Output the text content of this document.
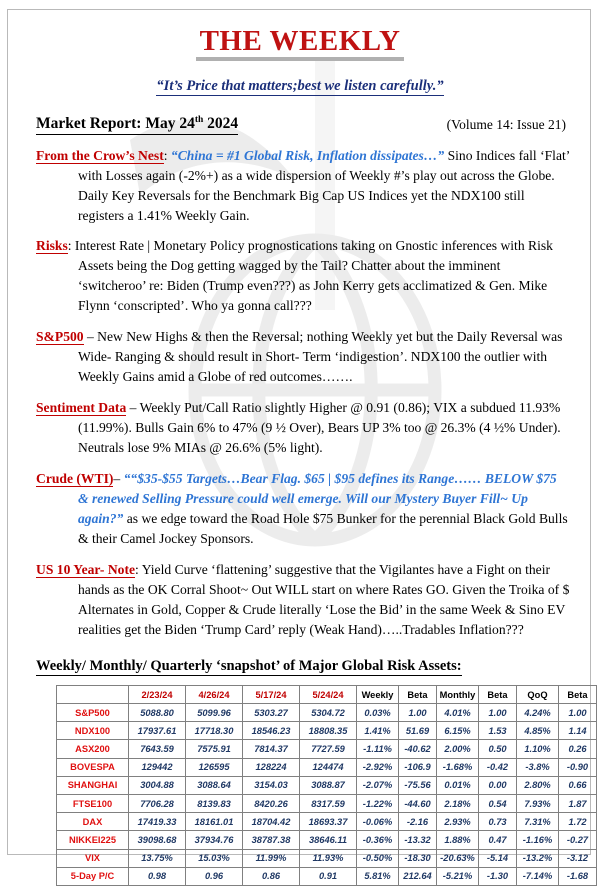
THE WEEKLY
“It’s Price that matters;best we listen carefully.”
Market Report: May 24th 2024	(Volume 14: Issue 21)
From the Crow’s Nest: “China = #1 Global Risk, Inflation dissipates…” Sino Indices fall ‘Flat’ with Losses again (-2%+) as a wide dispersion of Weekly #’s play out across the Globe. Daily Key Reversals for the Benchmark Big Cap US Indices yet the NDX100 still registers a 1.41% Weekly Gain.
Risks: Interest Rate | Monetary Policy prognostications taking on Gnostic inferences with Risk Assets being the Dog getting wagged by the Tail? Chatter about the imminent ‘switcheroo’ re: Biden (Trump even???) as John Kerry gets acclimatized & Gen. Mike Flynn ‘conscripted’. Who ya gonna call???
S&P500 – New New Highs & then the Reversal; nothing Weekly yet but the Daily Reversal was Wide- Ranging & should result in Short- Term ‘indigestion’. NDX100 the outlier with Weekly Gains amid a Globe of red outcomes…….
Sentiment Data – Weekly Put/Call Ratio slightly Higher @ 0.91 (0.86); VIX a subdued 11.93% (11.99%). Bulls Gain 6% to 47% (9 ½ Over), Bears UP 3% too @ 26.3% (4 ½% Under). Neutrals lose 9% MIAs @ 26.6% (5% light).
Crude (WTI)– ““$35-$55 Targets…Bear Flag. $65 | $95 defines its Range…… BELOW $75 & renewed Selling Pressure could well emerge. Will our Mystery Buyer Fill~ Up again?” as we edge toward the Road Hole $75 Bunker for the perennial Black Gold Bulls & their Camel Jockey Sponsors.
US 10 Year- Note: Yield Curve ‘flattening’ suggestive that the Vigilantes have a Fight on their hands as the OK Corral Shoot~ Out WILL start on where Rates GO. Given the Troika of $ Alternates in Gold, Copper & Crude literally ‘Lose the Bid’ in the same Week & Sino EV realities get the Biden ‘Trump Card’ reply (Weak Hand)…..Tradables Inflation???
Weekly/ Monthly/ Quarterly ‘snapshot’ of Major Global Risk Assets:
	2/23/24	4/26/24	5/17/24	5/24/24	Weekly	Beta	Monthly	Beta	QoQ	Beta
S&P500	5088.80	5099.96	5303.27	5304.72	0.03%	1.00	4.01%	1.00	4.24%	1.00
NDX100	17937.61	17718.30	18546.23	18808.35	1.41%	51.69	6.15%	1.53	4.85%	1.14
ASX200	7643.59	7575.91	7814.37	7727.59	-1.11%	-40.62	2.00%	0.50	1.10%	0.26
BOVESPA	129442	126595	128224	124474	-2.92%	-106.9	-1.68%	-0.42	-3.8%	-0.90
SHANGHAI	3004.88	3088.64	3154.03	3088.87	-2.07%	-75.56	0.01%	0.00	2.80%	0.66
FTSE100	7706.28	8139.83	8420.26	8317.59	-1.22%	-44.60	2.18%	0.54	7.93%	1.87
DAX	17419.33	18161.01	18704.42	18693.37	-0.06%	-2.16	2.93%	0.73	7.31%	1.72
NIKKEI225	39098.68	37934.76	38787.38	38646.11	-0.36%	-13.32	1.88%	0.47	-1.16%	-0.27
VIX	13.75%	15.03%	11.99%	11.93%	-0.50%	-18.30	-20.63%	-5.14	-13.2%	-3.12
5-Day P/C	0.98	0.96	0.86	0.91	5.81%	212.64	-5.21%	-1.30	-7.14%	-1.68
